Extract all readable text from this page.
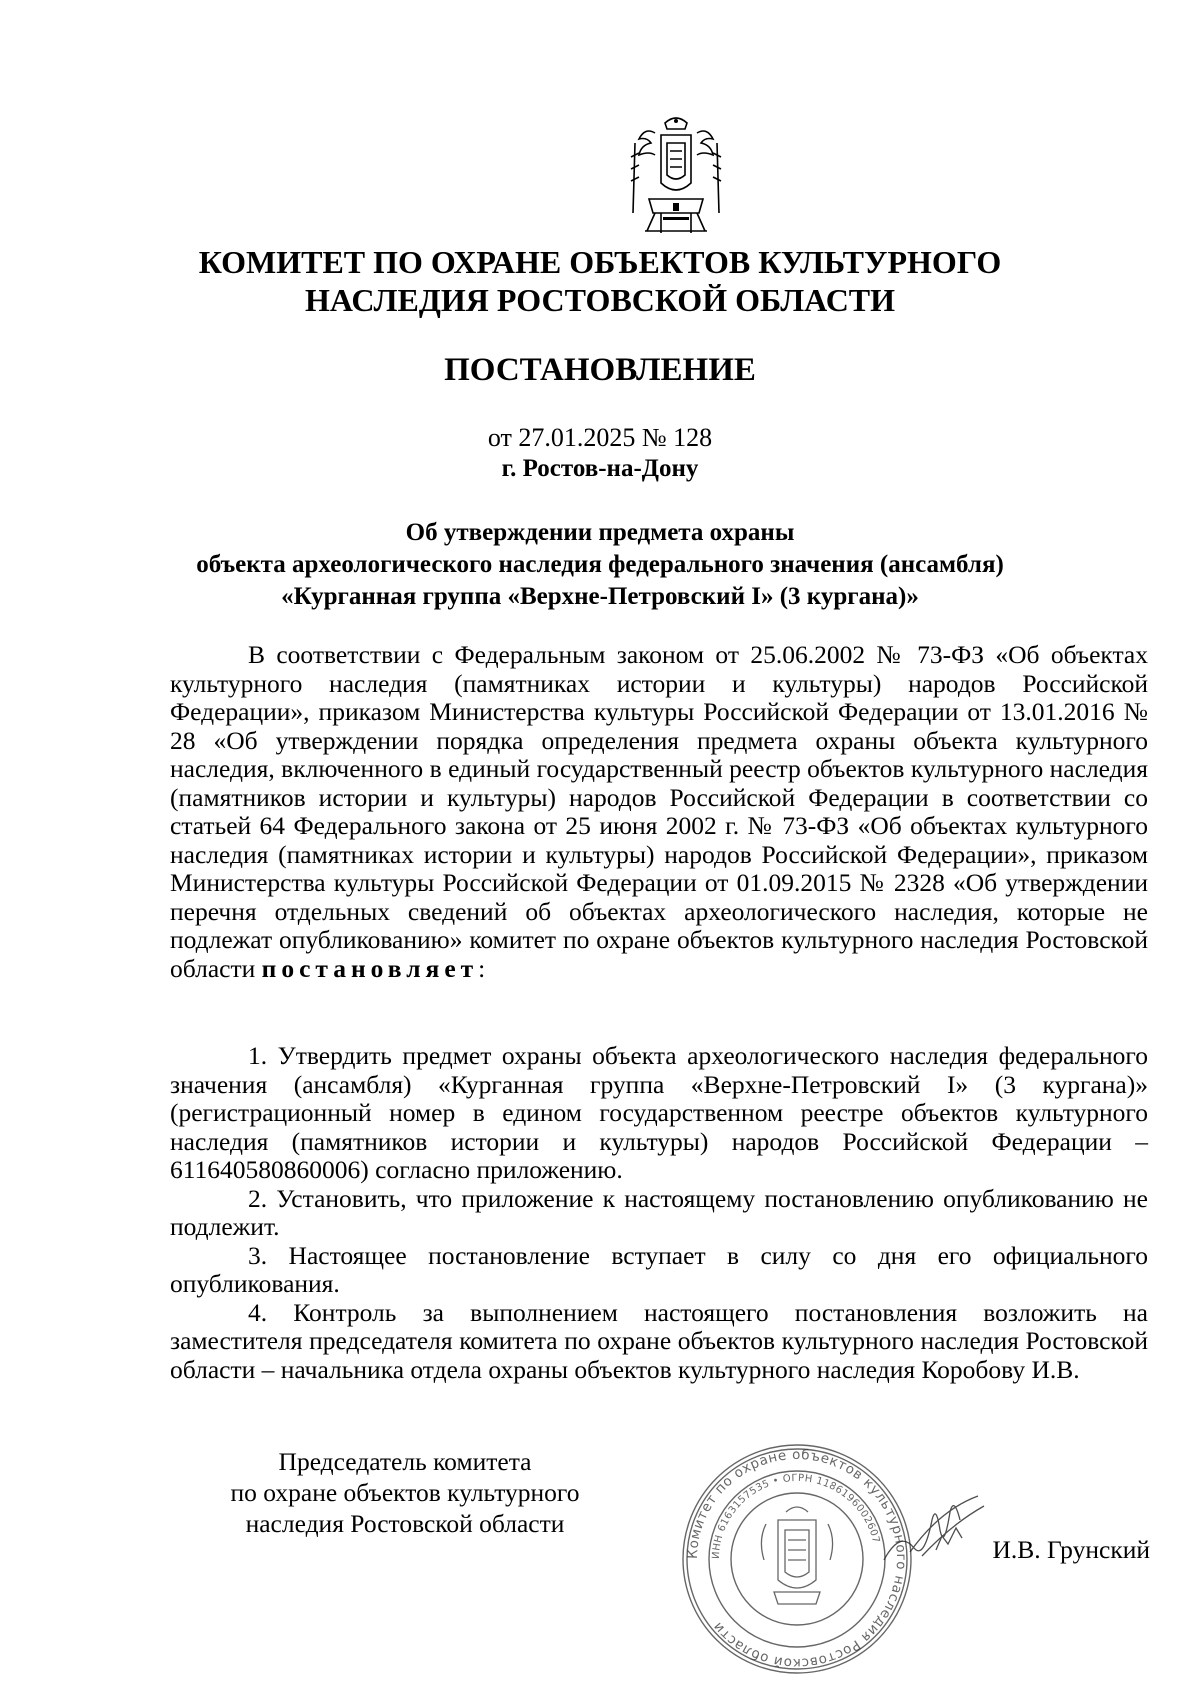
КОМИТЕТ ПО ОХРАНЕ ОБЪЕКТОВ КУЛЬТУРНОГО
НАСЛЕДИЯ РОСТОВСКОЙ ОБЛАСТИ
ПОСТАНОВЛЕНИЕ
от 27.01.2025 № 128
г. Ростов-на-Дону
Об утверждении предмета охраны
объекта археологического наследия федерального значения (ансамбля)
«Курганная группа «Верхне-Петровский I» (3 кургана)»

В соответствии с Федеральным законом от 25.06.2002 № 73-ФЗ «Об объектах культурного наследия (памятниках истории и культуры) народов Российской Федерации», приказом Министерства культуры Российской Федерации от 13.01.2016 № 28 «Об утверждении порядка определения предмета охраны объекта культурного наследия, включенного в единый государственный реестр объектов культурного наследия (памятников истории и культуры) народов Российской Федерации в соответствии со статьей 64 Федерального закона от 25 июня 2002 г. № 73-ФЗ «Об объектах культурного наследия (памятниках истории и культуры) народов Российской Федерации», приказом Министерства культуры Российской Федерации от 01.09.2015 № 2328 «Об утверждении перечня отдельных сведений об объектах археологического наследия, которые не подлежат опубликованию» комитет по охране объектов культурного наследия Ростовской области постановляет:

1. Утвердить предмет охраны объекта археологического наследия федерального значения (ансамбля) «Курганная группа «Верхне-Петровский I» (3 кургана)» (регистрационный номер в едином государственном реестре объектов культурного наследия (памятников истории и культуры) народов Российской Федерации – 611640580860006) согласно приложению.

2. Установить, что приложение к настоящему постановлению опубликованию не подлежит.

3. Настоящее постановление вступает в силу со дня его официального опубликования.

4. Контроль за выполнением настоящего постановления возложить на заместителя председателя комитета по охране объектов культурного наследия Ростовской области – начальника отдела охраны объектов культурного наследия Коробову И.В.

Председатель комитета
по охране объектов культурного
наследия Ростовской области
Комитет по охране объектов культурного наследия Ростовской области
ИНН 6163157535 • ОГРН 1186196002607	И.В. Грунский
